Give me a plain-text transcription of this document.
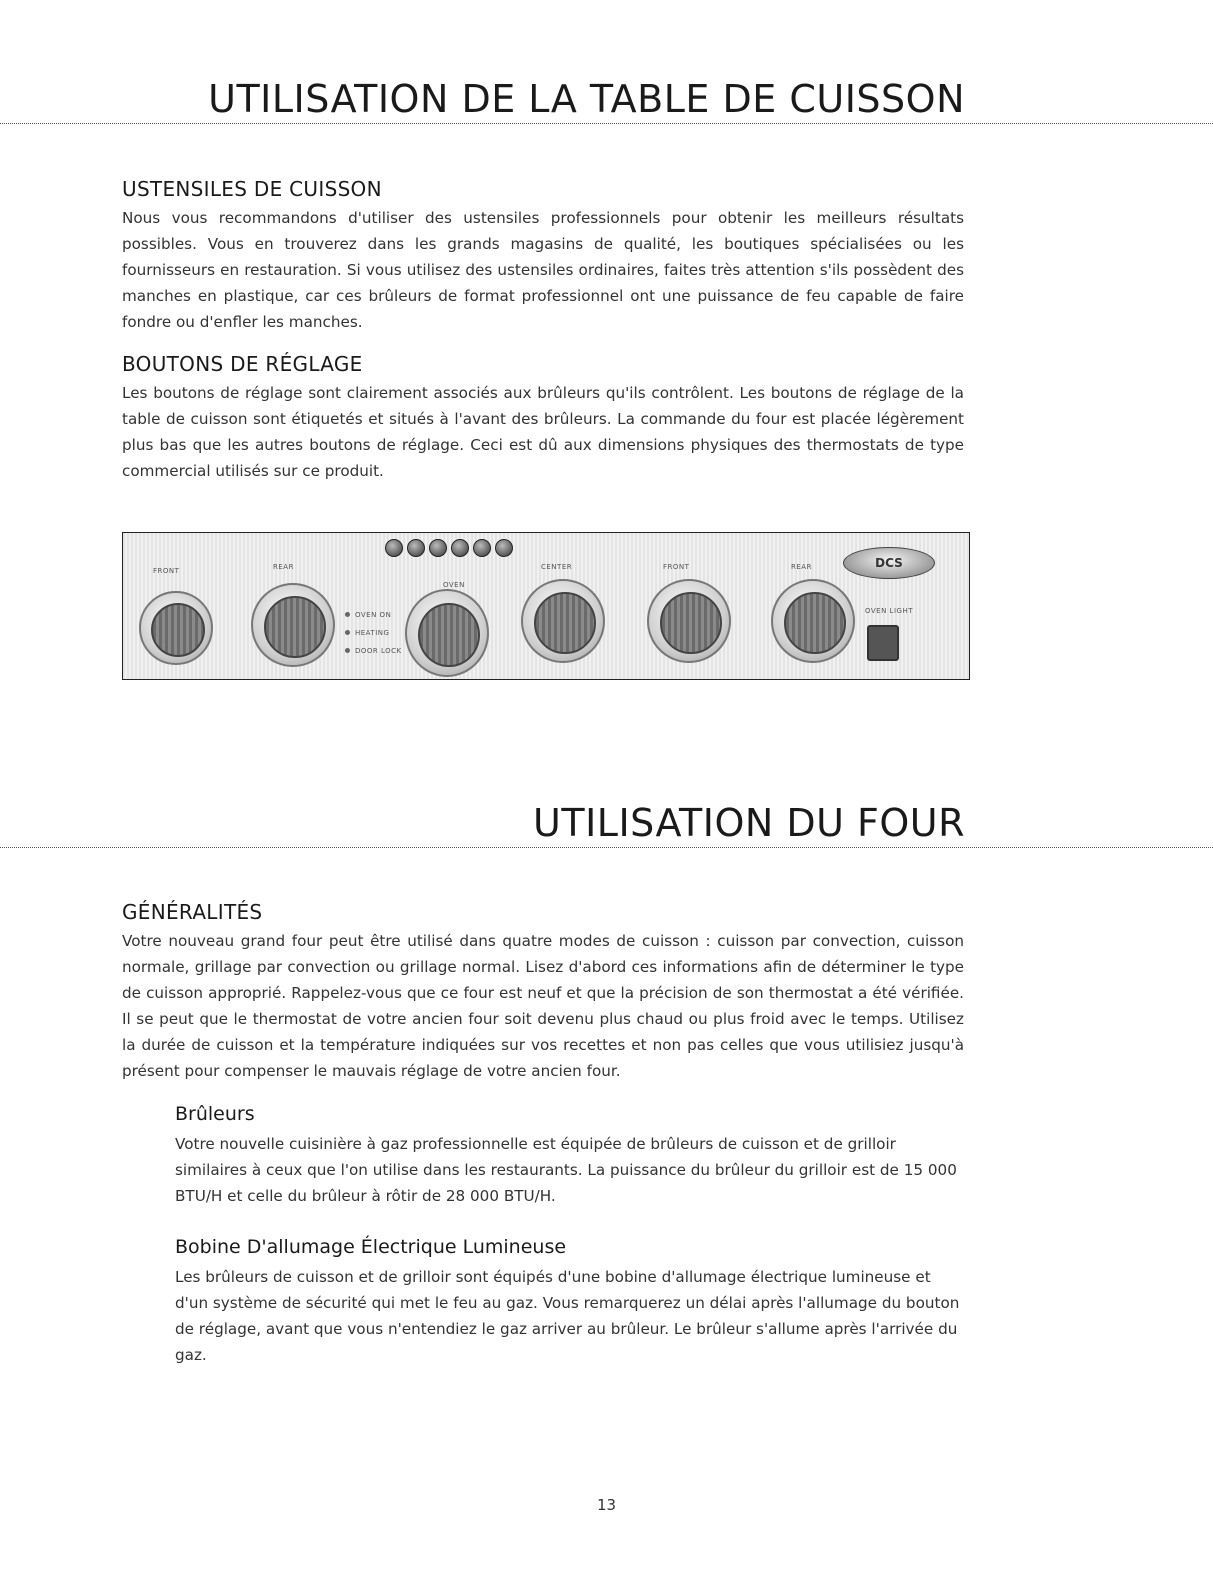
UTILISATION DE LA TABLE DE CUISSON
USTENSILES DE CUISSON

Nous vous recommandons d'utiliser des ustensiles professionnels pour obtenir les meilleurs résultats possibles. Vous en trouverez dans les grands magasins de qualité, les boutiques spécialisées ou les fournisseurs en restauration. Si vous utilisez des ustensiles ordinaires, faites très attention s'ils possèdent des manches en plastique, car ces brûleurs de format professionnel ont une puissance de feu capable de faire fondre ou d'enfler les manches.

BOUTONS DE RÉGLAGE

Les boutons de réglage sont clairement associés aux brûleurs qu'ils contrôlent. Les boutons de réglage de la table de cuisson sont étiquetés et situés à l'avant des brûleurs. La commande du four est placée légèrement plus bas que les autres boutons de réglage. Ceci est dû aux dimensions physiques des thermostats de type commercial utilisés sur ce produit.

FRONT	REAR
OVEN
CENTER	FRONT	REAR
OVEN ON
HEATING
DOOR LOCK
OVEN LIGHT
DCS
UTILISATION DU FOUR
GÉNÉRALITÉS

Votre nouveau grand four peut être utilisé dans quatre modes de cuisson : cuisson par convection, cuisson normale, grillage par convection ou grillage normal. Lisez d'abord ces informations afin de déterminer le type de cuisson approprié. Rappelez-vous que ce four est neuf et que la précision de son thermostat a été vérifiée. Il se peut que le thermostat de votre ancien four soit devenu plus chaud ou plus froid avec le temps. Utilisez la durée de cuisson et la température indiquées sur vos recettes et non pas celles que vous utilisiez jusqu'à présent pour compenser le mauvais réglage de votre ancien four.

Brûleurs

Votre nouvelle cuisinière à gaz professionnelle est équipée de brûleurs de cuisson et de grilloir similaires à ceux que l'on utilise dans les restaurants. La puissance du brûleur du grilloir est de 15 000 BTU/H et celle du brûleur à rôtir de 28 000 BTU/H.

Bobine D'allumage Électrique Lumineuse

Les brûleurs de cuisson et de grilloir sont équipés d'une bobine d'allumage électrique lumineuse et d'un système de sécurité qui met le feu au gaz. Vous remarquerez un délai après l'allumage du bouton de réglage, avant que vous n'entendiez le gaz arriver au brûleur. Le brûleur s'allume après l'arrivée du gaz.

13
